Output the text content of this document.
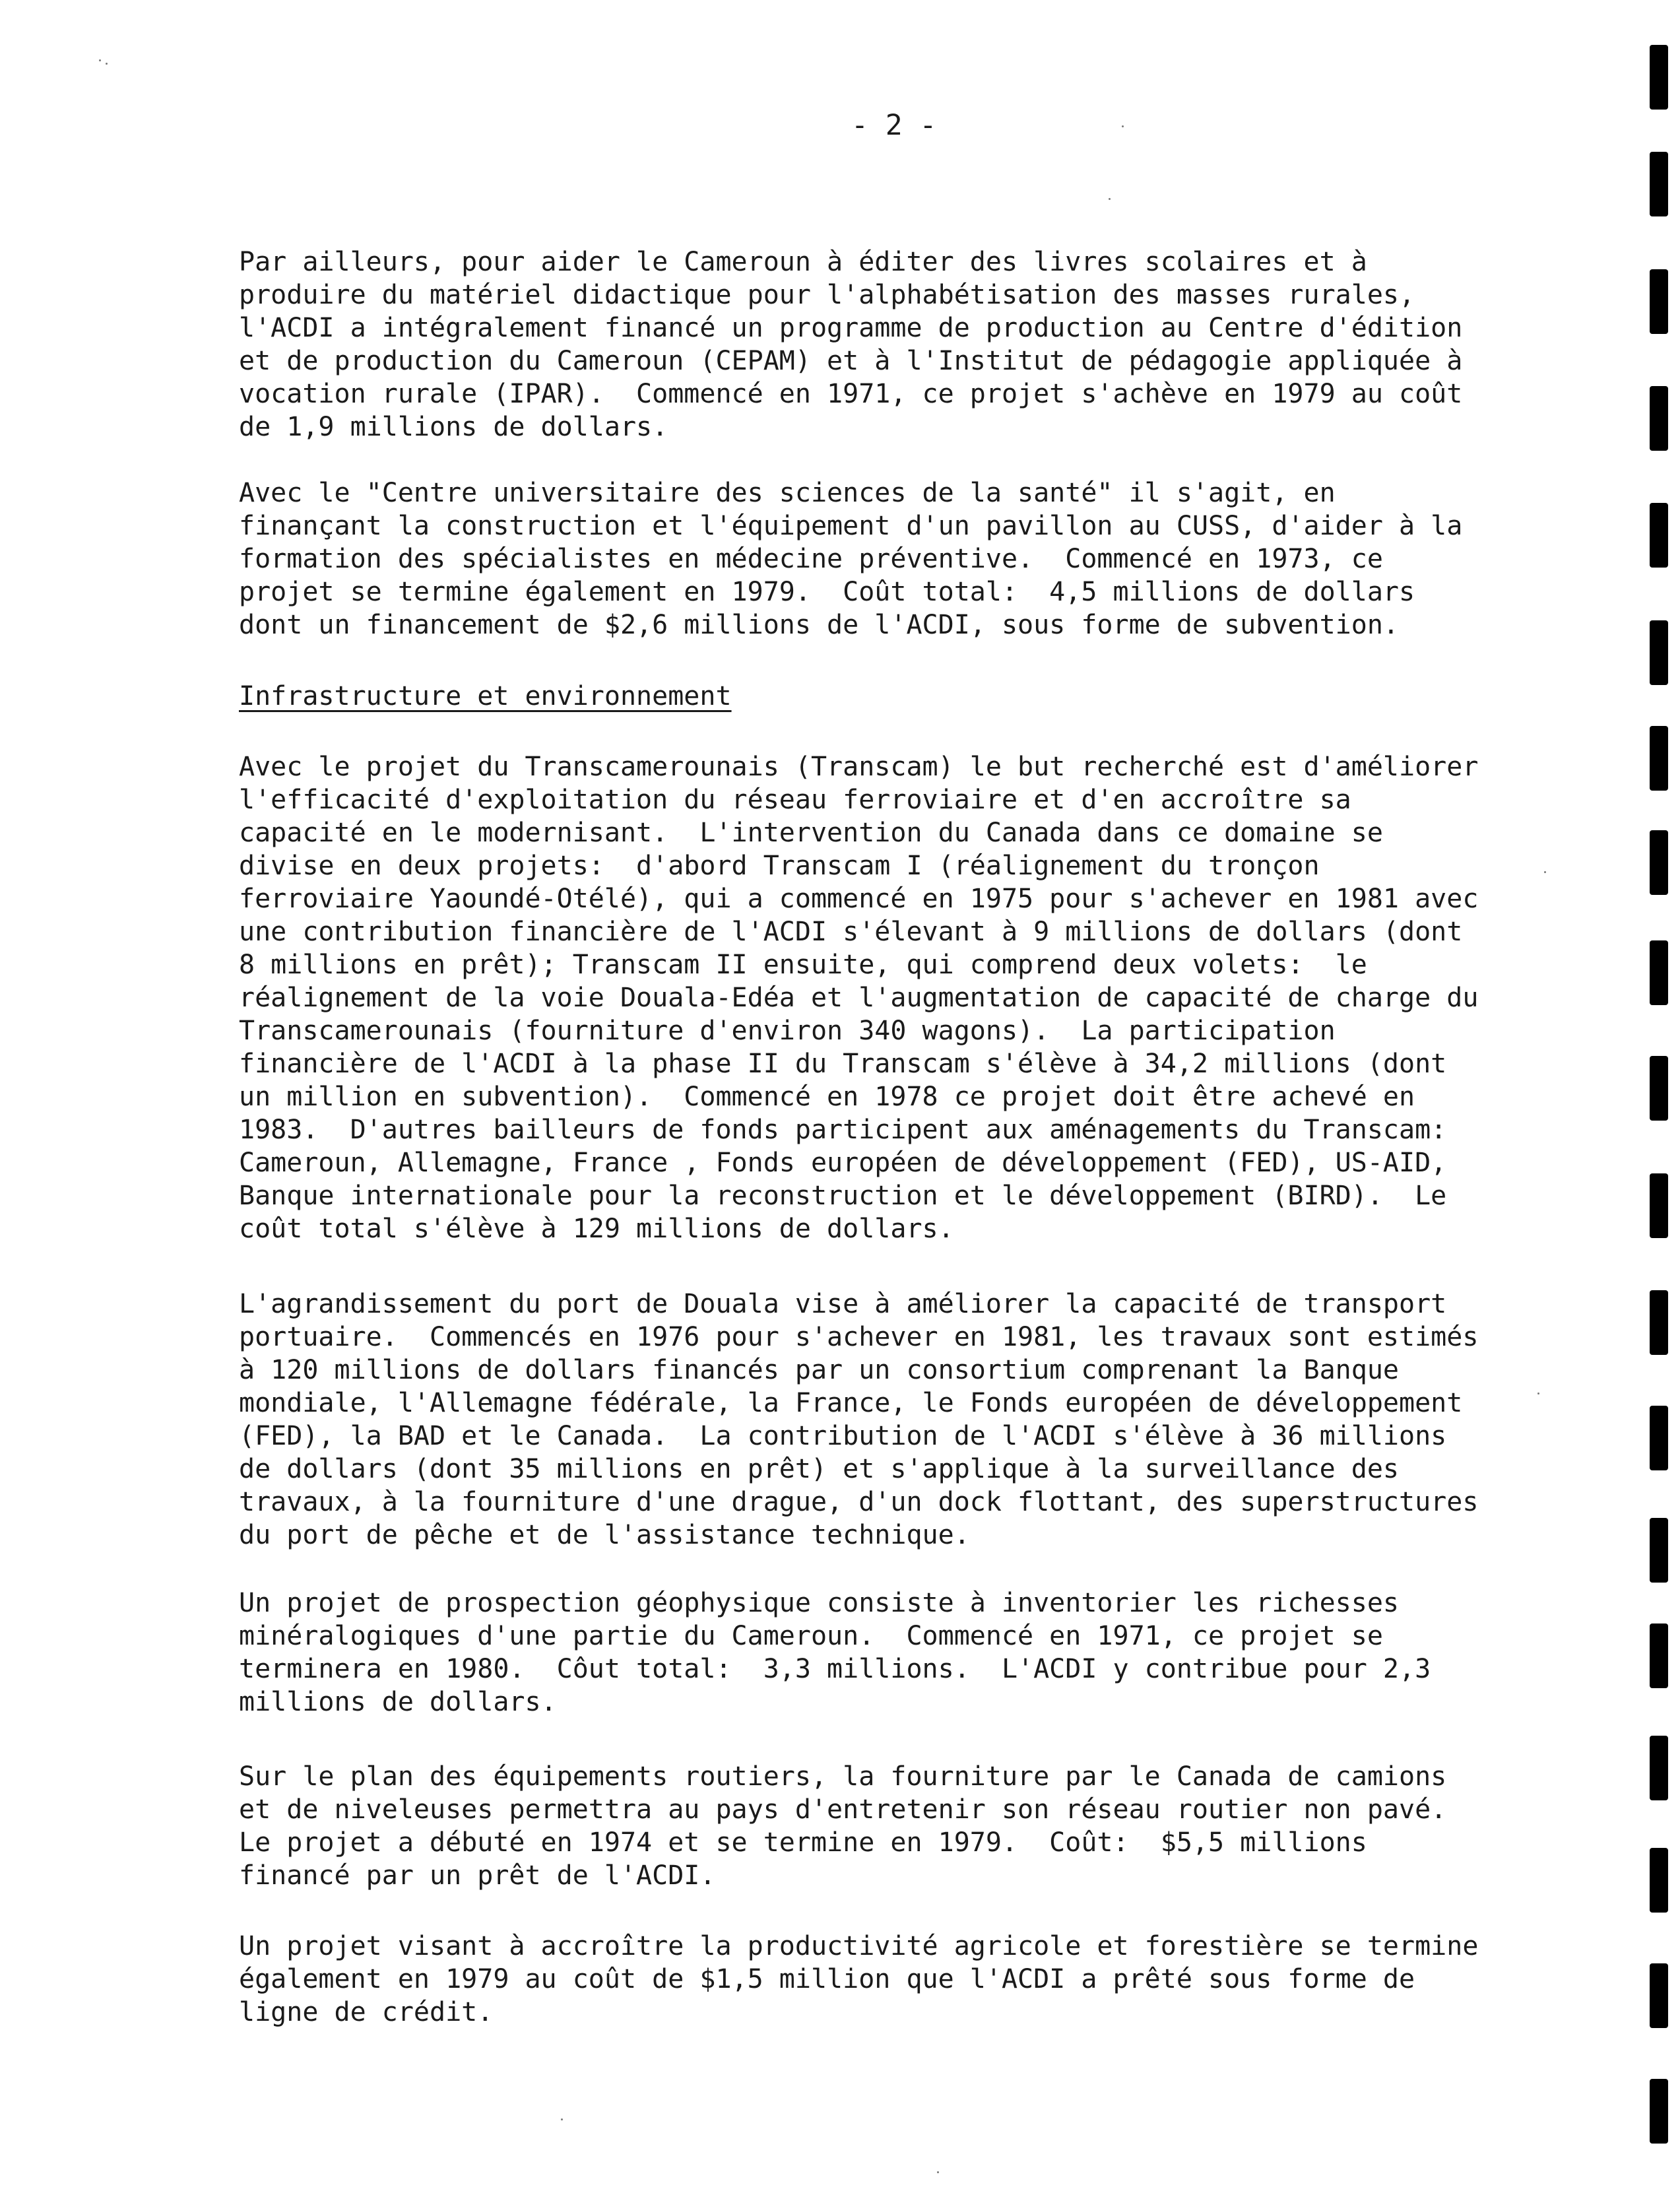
- 2 -
Par ailleurs, pour aider le Cameroun à éditer des livres scolaires et à
produire du matériel didactique pour l'alphabétisation des masses rurales,
l'ACDI a intégralement financé un programme de production au Centre d'édition
et de production du Cameroun (CEPAM) et à l'Institut de pédagogie appliquée à
vocation rurale (IPAR).  Commencé en 1971, ce projet s'achève en 1979 au coût
de 1,9 millions de dollars.
Avec le "Centre universitaire des sciences de la santé" il s'agit, en
finançant la construction et l'équipement d'un pavillon au CUSS, d'aider à la
formation des spécialistes en médecine préventive.  Commencé en 1973, ce
projet se termine également en 1979.  Coût total:  4,5 millions de dollars
dont un financement de $2,6 millions de l'ACDI, sous forme de subvention.
Infrastructure et environnement
Avec le projet du Transcamerounais (Transcam) le but recherché est d'améliorer
l'efficacité d'exploitation du réseau ferroviaire et d'en accroître sa
capacité en le modernisant.  L'intervention du Canada dans ce domaine se
divise en deux projets:  d'abord Transcam I (réalignement du tronçon
ferroviaire Yaoundé-Otélé), qui a commencé en 1975 pour s'achever en 1981 avec
une contribution financière de l'ACDI s'élevant à 9 millions de dollars (dont
8 millions en prêt); Transcam II ensuite, qui comprend deux volets:  le
réalignement de la voie Douala-Edéa et l'augmentation de capacité de charge du
Transcamerounais (fourniture d'environ 340 wagons).  La participation
financière de l'ACDI à la phase II du Transcam s'élève à 34,2 millions (dont
un million en subvention).  Commencé en 1978 ce projet doit être achevé en
1983.  D'autres bailleurs de fonds participent aux aménagements du Transcam:
Cameroun, Allemagne, France , Fonds européen de développement (FED), US-AID,
Banque internationale pour la reconstruction et le développement (BIRD).  Le
coût total s'élève à 129 millions de dollars.
L'agrandissement du port de Douala vise à améliorer la capacité de transport
portuaire.  Commencés en 1976 pour s'achever en 1981, les travaux sont estimés
à 120 millions de dollars financés par un consortium comprenant la Banque
mondiale, l'Allemagne fédérale, la France, le Fonds européen de développement
(FED), la BAD et le Canada.  La contribution de l'ACDI s'élève à 36 millions
de dollars (dont 35 millions en prêt) et s'applique à la surveillance des
travaux, à la fourniture d'une drague, d'un dock flottant, des superstructures
du port de pêche et de l'assistance technique.
Un projet de prospection géophysique consiste à inventorier les richesses
minéralogiques d'une partie du Cameroun.  Commencé en 1971, ce projet se
terminera en 1980.  Côut total:  3,3 millions.  L'ACDI y contribue pour 2,3
millions de dollars.
Sur le plan des équipements routiers, la fourniture par le Canada de camions
et de niveleuses permettra au pays d'entretenir son réseau routier non pavé.
Le projet a débuté en 1974 et se termine en 1979.  Coût:  $5,5 millions
financé par un prêt de l'ACDI.
Un projet visant à accroître la productivité agricole et forestière se termine
également en 1979 au coût de $1,5 million que l'ACDI a prêté sous forme de
ligne de crédit.
